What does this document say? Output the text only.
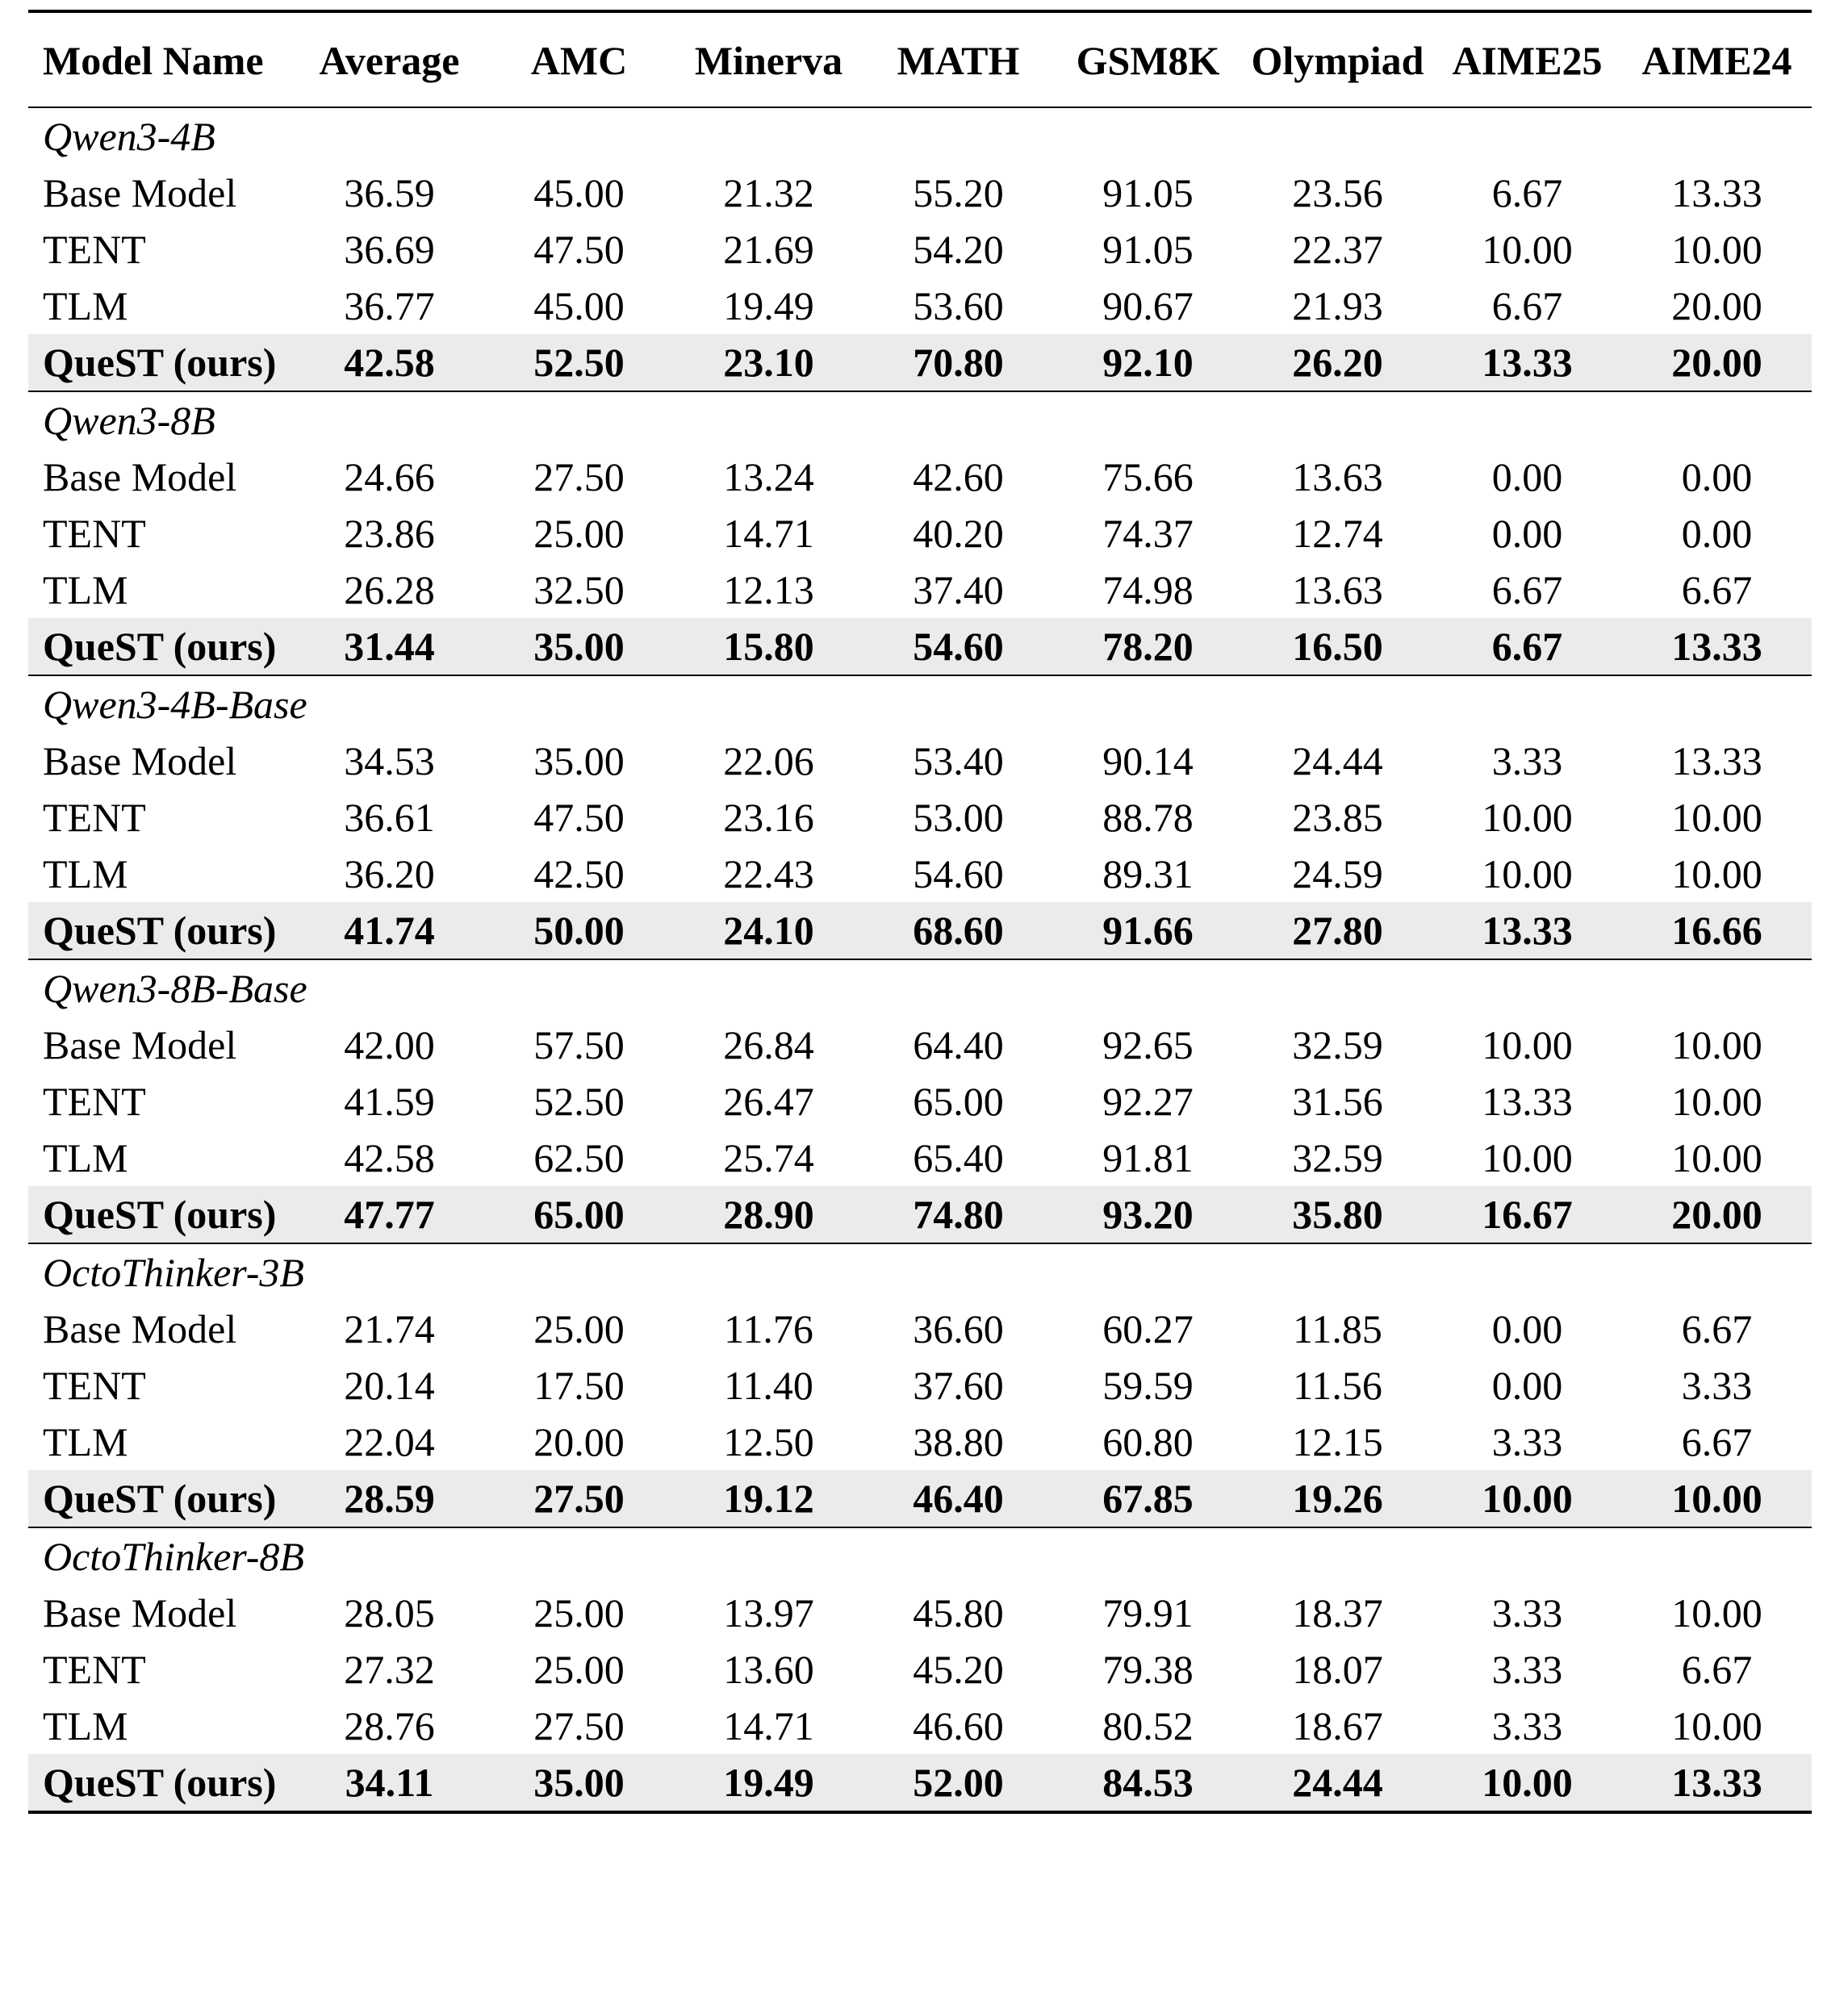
Model Name	Average	AMC	Minerva	MATH	GSM8K	Olympiad	AIME25	AIME24
Qwen3-4B								
Base Model	36.59	45.00	21.32	55.20	91.05	23.56	6.67	13.33
TENT	36.69	47.50	21.69	54.20	91.05	22.37	10.00	10.00
TLM	36.77	45.00	19.49	53.60	90.67	21.93	6.67	20.00
QueST (ours)	42.58	52.50	23.10	70.80	92.10	26.20	13.33	20.00
Qwen3-8B								
Base Model	24.66	27.50	13.24	42.60	75.66	13.63	0.00	0.00
TENT	23.86	25.00	14.71	40.20	74.37	12.74	0.00	0.00
TLM	26.28	32.50	12.13	37.40	74.98	13.63	6.67	6.67
QueST (ours)	31.44	35.00	15.80	54.60	78.20	16.50	6.67	13.33
Qwen3-4B-Base								
Base Model	34.53	35.00	22.06	53.40	90.14	24.44	3.33	13.33
TENT	36.61	47.50	23.16	53.00	88.78	23.85	10.00	10.00
TLM	36.20	42.50	22.43	54.60	89.31	24.59	10.00	10.00
QueST (ours)	41.74	50.00	24.10	68.60	91.66	27.80	13.33	16.66
Qwen3-8B-Base								
Base Model	42.00	57.50	26.84	64.40	92.65	32.59	10.00	10.00
TENT	41.59	52.50	26.47	65.00	92.27	31.56	13.33	10.00
TLM	42.58	62.50	25.74	65.40	91.81	32.59	10.00	10.00
QueST (ours)	47.77	65.00	28.90	74.80	93.20	35.80	16.67	20.00
OctoThinker-3B								
Base Model	21.74	25.00	11.76	36.60	60.27	11.85	0.00	6.67
TENT	20.14	17.50	11.40	37.60	59.59	11.56	0.00	3.33
TLM	22.04	20.00	12.50	38.80	60.80	12.15	3.33	6.67
QueST (ours)	28.59	27.50	19.12	46.40	67.85	19.26	10.00	10.00
OctoThinker-8B								
Base Model	28.05	25.00	13.97	45.80	79.91	18.37	3.33	10.00
TENT	27.32	25.00	13.60	45.20	79.38	18.07	3.33	6.67
TLM	28.76	27.50	14.71	46.60	80.52	18.67	3.33	10.00
QueST (ours)	34.11	35.00	19.49	52.00	84.53	24.44	10.00	13.33
